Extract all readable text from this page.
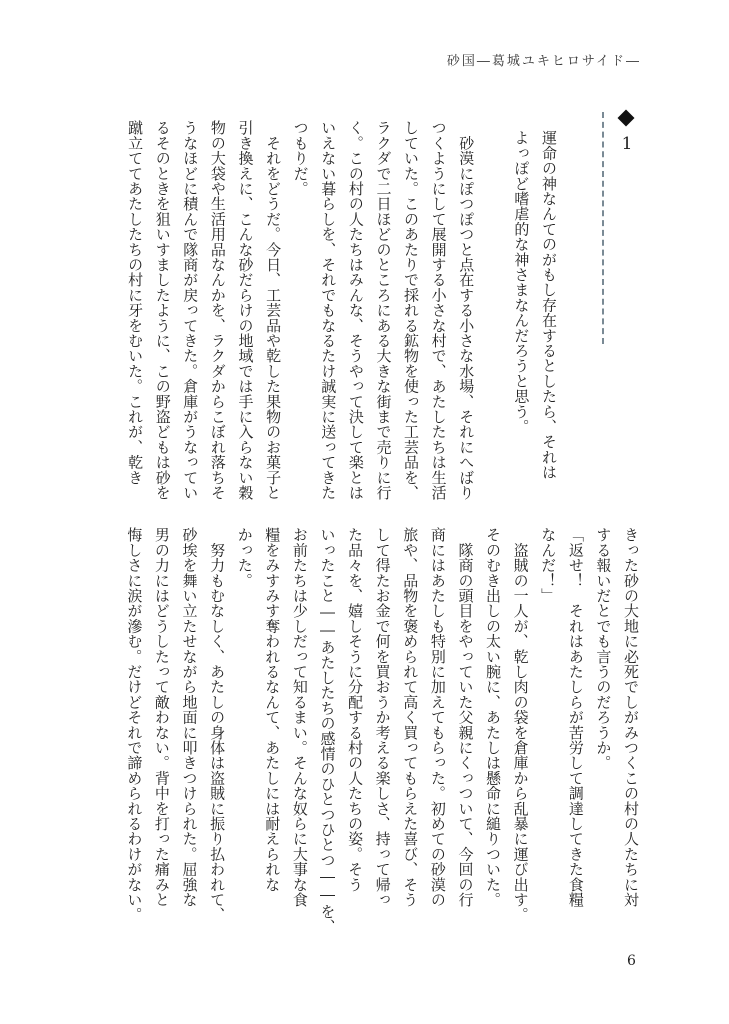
砂国―葛城ユキヒロサイド―
1
運命の神なんてのがもし存在するとしたら、それは
よっぽど嗜虐的な神さまなんだろうと思う。

　砂漠にぽつぽつと点在する小さな水場、それにへばり
つくようにして展開する小さな村で、あたしたちは生活
していた。このあたりで採れる鉱物を使った工芸品を、
ラクダで二日ほどのところにある大きな街まで売りに行
く。この村の人たちはみんな、そうやって決して楽とは
いえない暮らしを、それでもなるたけ誠実に送ってきた
つもりだ。
　それをどうだ。今日、工芸品や乾した果物のお菓子と
引き換えに、こんな砂だらけの地域では手に入らない穀
物の大袋や生活用品なんかを、ラクダからこぼれ落ちそ
うなほどに積んで隊商が戻ってきた。倉庫がうなってい
るそのときを狙いすましたように、この野盗どもは砂を
蹴立ててあたしたちの村に牙をむいた。これが、乾き
きった砂の大地に必死でしがみつくこの村の人たちに対
する報いだとでも言うのだろうか。
「返せ！　それはあたしらが苦労して調達してきた食糧
なんだ！」
　盗賊の一人が、乾し肉の袋を倉庫から乱暴に運び出す。
そのむき出しの太い腕に、あたしは懸命に縋りついた。
　隊商の頭目をやっていた父親にくっついて、今回の行
商にはあたしも特別に加えてもらった。初めての砂漠の
旅や、品物を褒められて高く買ってもらえた喜び、そう
して得たお金で何を買おうか考える楽しさ、持って帰っ
た品々を、嬉しそうに分配する村の人たちの姿。そう
いったこと――あたしたちの感情のひとつひとつ――を、
お前たちは少しだって知るまい。そんな奴らに大事な食
糧をみすみす奪われるなんて、あたしには耐えられな
かった。
　努力もむなしく、あたしの身体は盗賊に振り払われて、
砂埃を舞い立たせながら地面に叩きつけられた。屈強な
男の力にはどうしたって敵わない。背中を打った痛みと
悔しさに涙が滲む。だけどそれで諦められるわけがない。
6
